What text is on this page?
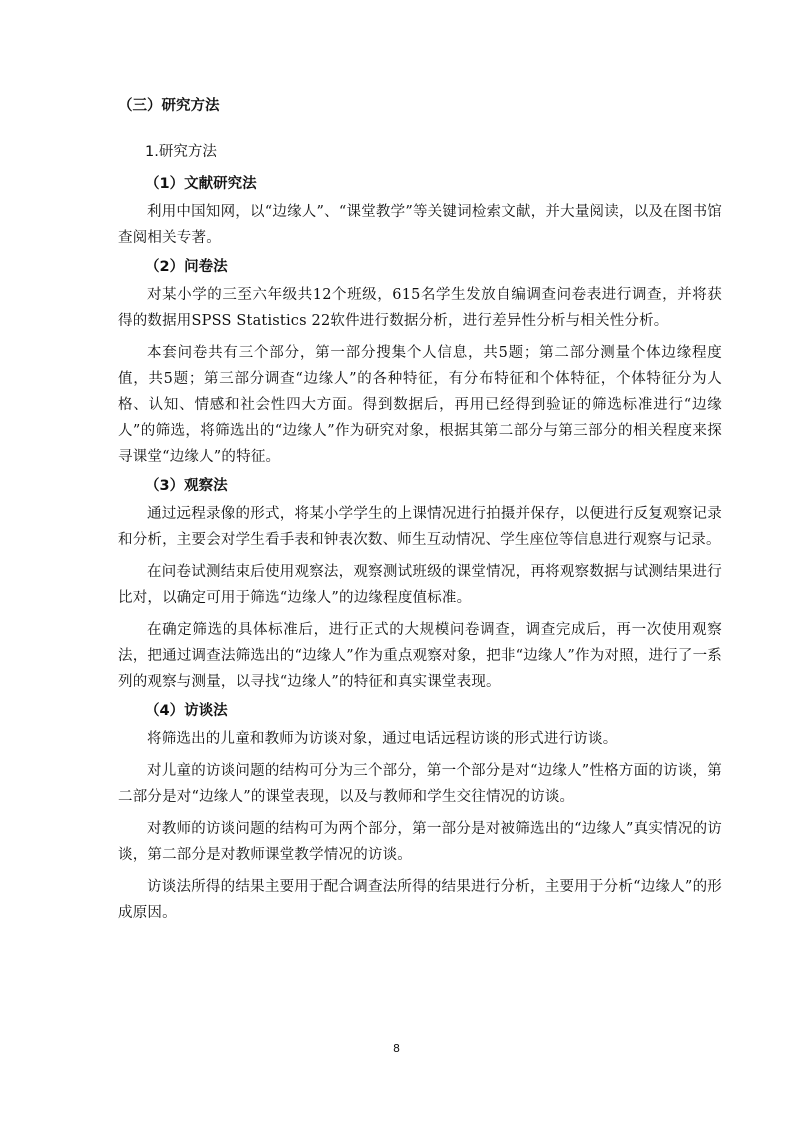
（三）研究方法
1.研究方法
（1）文献研究法

利用中国知网，以“边缘人”、“课堂教学”等关键词检索文献，并大量阅读，以及在图书馆查阅相关专著。

（2）问卷法

对某小学的三至六年级共12个班级，615名学生发放自编调查问卷表进行调查，并将获得的数据用SPSS Statistics 22软件进行数据分析，进行差异性分析与相关性分析。

本套问卷共有三个部分，第一部分搜集个人信息，共5题；第二部分测量个体边缘程度值，共5题；第三部分调查“边缘人”的各种特征，有分布特征和个体特征，个体特征分为人格、认知、情感和社会性四大方面。得到数据后，再用已经得到验证的筛选标准进行“边缘人”的筛选，将筛选出的“边缘人”作为研究对象，根据其第二部分与第三部分的相关程度来探寻课堂“边缘人”的特征。

（3）观察法

通过远程录像的形式，将某小学学生的上课情况进行拍摄并保存，以便进行反复观察记录和分析，主要会对学生看手表和钟表次数、师生互动情况、学生座位等信息进行观察与记录。

在问卷试测结束后使用观察法，观察测试班级的课堂情况，再将观察数据与试测结果进行比对，以确定可用于筛选“边缘人”的边缘程度值标准。

在确定筛选的具体标准后，进行正式的大规模问卷调查，调查完成后，再一次使用观察法，把通过调查法筛选出的“边缘人”作为重点观察对象，把非“边缘人”作为对照，进行了一系列的观察与测量，以寻找“边缘人”的特征和真实课堂表现。

（4）访谈法

将筛选出的儿童和教师为访谈对象，通过电话远程访谈的形式进行访谈。

对儿童的访谈问题的结构可分为三个部分，第一个部分是对“边缘人”性格方面的访谈，第二部分是对“边缘人”的课堂表现，以及与教师和学生交往情况的访谈。

对教师的访谈问题的结构可为两个部分，第一部分是对被筛选出的“边缘人”真实情况的访谈，第二部分是对教师课堂教学情况的访谈。

访谈法所得的结果主要用于配合调查法所得的结果进行分析，主要用于分析“边缘人”的形成原因。

8
